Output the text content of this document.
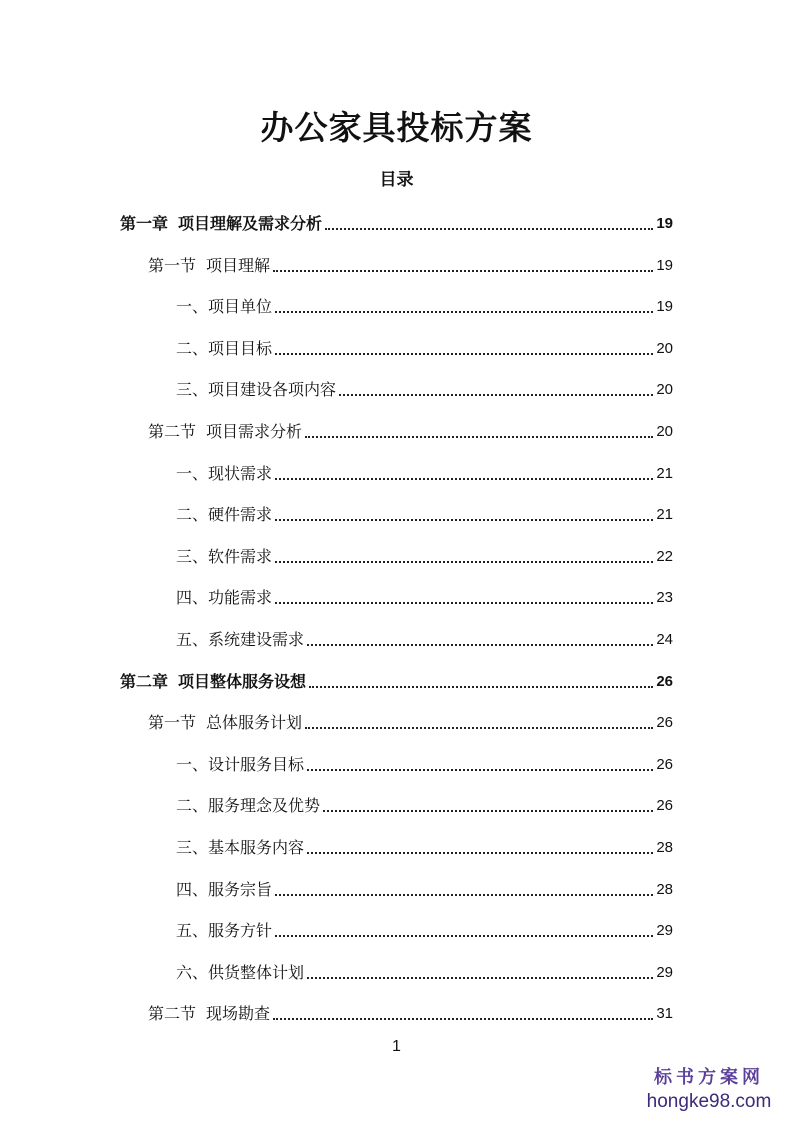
办公家具投标方案
目录
第一章 项目理解及需求分析	19
第一节 项目理解	19
一、项目单位	19
二、项目目标	20
三、项目建设各项内容	20
第二节 项目需求分析	20
一、现状需求	21
二、硬件需求	21
三、软件需求	22
四、功能需求	23
五、系统建设需求	24
第二章 项目整体服务设想	26
第一节 总体服务计划	26
一、设计服务目标	26
二、服务理念及优势	26
三、基本服务内容	28
四、服务宗旨	28
五、服务方针	29
六、供货整体计划	29
第二节 现场勘查	31
1
标书方案网
hongke98.com
